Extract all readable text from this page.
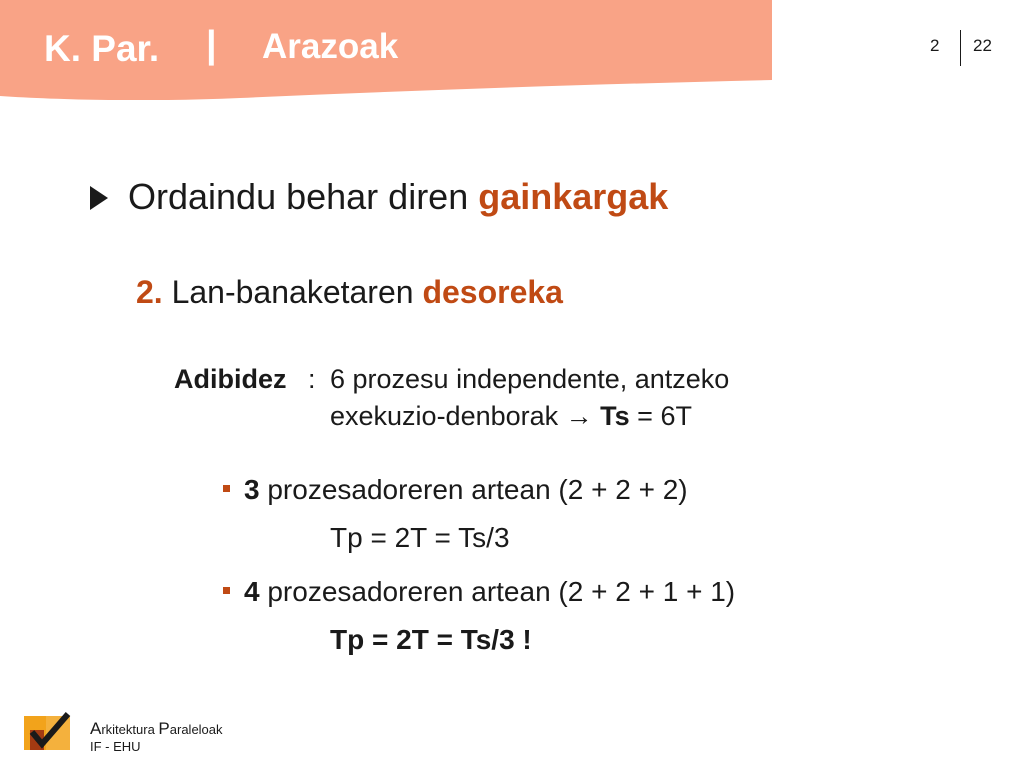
K. Par. | Arazoak	2 22
Ordaindu behar diren gainkargak
2. Lan-banaketaren desoreka
Adibidez : 6 prozesu independente, antzeko
exekuzio-denborak → Ts = 6T
3 prozesadoreren artean (2 + 2 + 2)
Tp = 2T = Ts/3
4 prozesadoreren artean (2 + 2 + 1 + 1)
Tp = 2T = Ts/3 !
Arkitektura Paraleloak
IF - EHU
